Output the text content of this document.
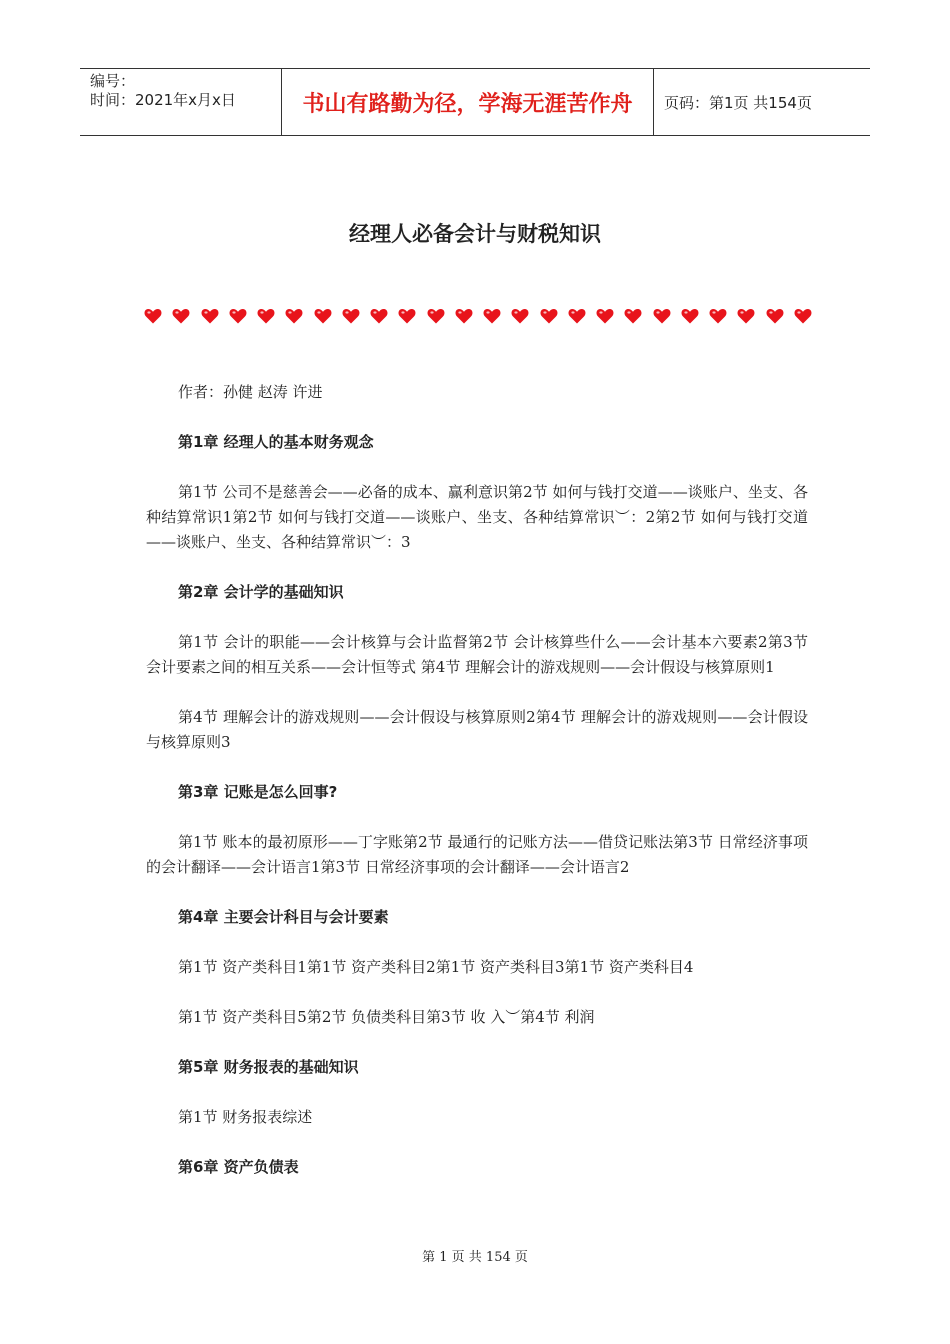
编号：
时间：2021年x月x日	书山有路勤为径，学海无涯苦作舟	页码：第1页 共154页
经理人必备会计与财税知识

作者：孙健 赵涛 许进

第1章 经理人的基本财务观念

第1节 公司不是慈善会——必备的成本、赢利意识第2节 如何与钱打交道——谈账户、坐支、各种结算常识1第2节 如何与钱打交道——谈账户、坐支、各种结算常识︶：2第2节 如何与钱打交道——谈账户、坐支、各种结算常识︶：3

第2章 会计学的基础知识

第1节 会计的职能——会计核算与会计监督第2节 会计核算些什么——会计基本六要素2第3节 会计要素之间的相互关系——会计恒等式 第4节 理解会计的游戏规则——会计假设与核算原则1

第4节 理解会计的游戏规则——会计假设与核算原则2第4节 理解会计的游戏规则——会计假设与核算原则3

第3章 记账是怎么回事?

第1节 账本的最初原形——丁字账第2节 最通行的记账方法——借贷记账法第3节 日常经济事项的会计翻译——会计语言1第3节 日常经济事项的会计翻译——会计语言2

第4章 主要会计科目与会计要素

第1节 资产类科目1第1节 资产类科目2第1节 资产类科目3第1节 资产类科目4

第1节 资产类科目5第2节 负债类科目第3节 收 入︶第4节 利润

第5章 财务报表的基础知识

第1节 财务报表综述

第6章 资产负债表

第 1 页 共 154 页
